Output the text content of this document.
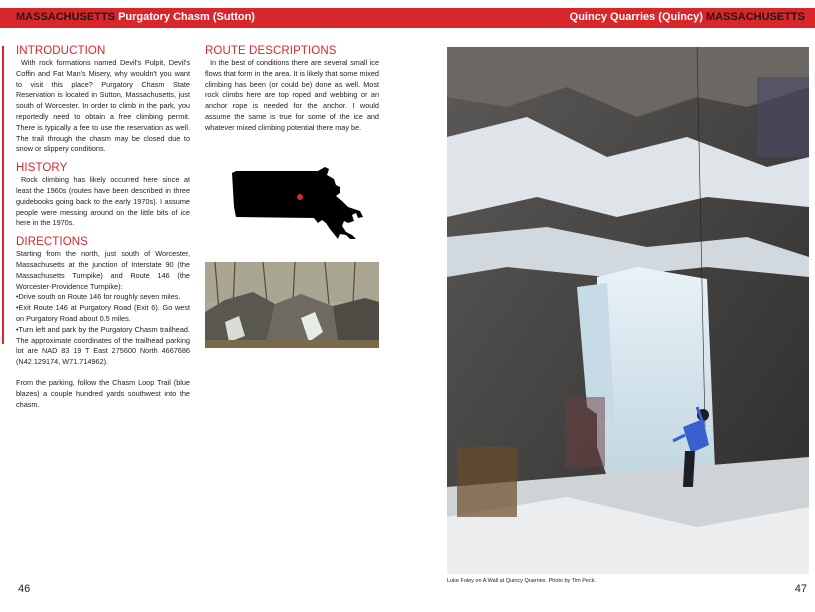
MASSACHUSETTS Purgatory Chasm (Sutton)	Quincy Quarries (Quincy) MASSACHUSETTS
INTRODUCTION

With rock formations named Devil's Pulpit, Devil's Coffin and Fat Man's Misery, why wouldn't you want to visit this place? Purgatory Chasm State Reservation is located in Sutton, Massachusetts, just south of Worcester. In order to climb in the park, you reportedly need to obtain a free climbing permit. There is typically a fee to use the reservation as well. The trail through the chasm may be closed due to snow or slippery conditions.

HISTORY

Rock climbing has likely occurred here since at least the 1960s (routes have been described in three guidebooks going back to the early 1970s). I assume people were messing around on the little bits of ice here in the 1970s.

DIRECTIONS

Starting from the north, just south of Worcester, Massachusetts at the junction of Interstate 90 (the Massachusetts Turnpike) and Route 146 (the Worcester-Providence Turnpike):

•Drive south on Route 146 for roughly seven miles.

•Exit Route 146 at Purgatory Road (Exit 6). Go west on Purgatory Road about 0.5 miles.

•Turn left and park by the Purgatory Chasm trailhead. The approximate coordinates of the trailhead parking lot are NAD 83 19 T East 275600 North 4667686 (N42.129174, W71.714962).

From the parking, follow the Chasm Loop Trail (blue blazes) a couple hundred yards southwest into the chasm.

ROUTE DESCRIPTIONS

In the best of conditions there are several small ice flows that form in the area. It is likely that some mixed climbing has been (or could be) done as well. Most rock climbs here are top roped and webbing or an anchor rope is needed for the anchor. I would assume the same is true for some of the ice and whatever mixed climbing potential there may be.

Luke Foley on A Wall at Quincy Quarries. Photo by Tim Peck.
46	47
